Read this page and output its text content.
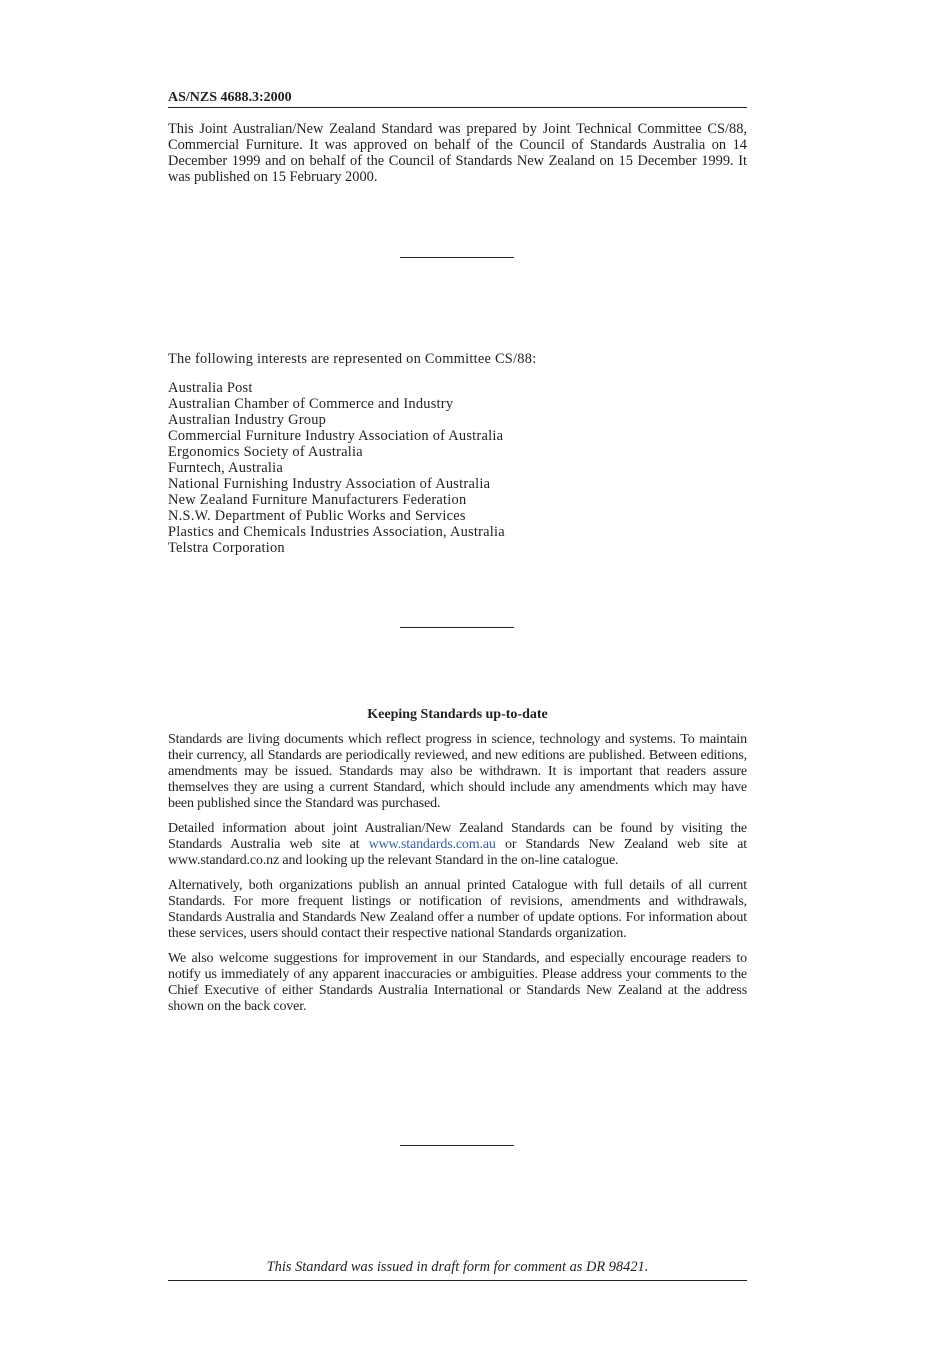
AS/NZS 4688.3:2000
This Joint Australian/New Zealand Standard was prepared by Joint Technical Committee CS/88, Commercial Furniture. It was approved on behalf of the Council of Standards Australia on 14 December 1999 and on behalf of the Council of Standards New Zealand on 15 December 1999. It was published on 15 February 2000.
The following interests are represented on Committee CS/88:
Australia Post
Australian Chamber of Commerce and Industry
Australian Industry Group
Commercial Furniture Industry Association of Australia
Ergonomics Society of Australia
Furntech, Australia
National Furnishing Industry Association of Australia
New Zealand Furniture Manufacturers Federation
N.S.W. Department of Public Works and Services
Plastics and Chemicals Industries Association, Australia
Telstra Corporation
Keeping Standards up-to-date

Standards are living documents which reflect progress in science, technology and systems. To maintain their currency, all Standards are periodically reviewed, and new editions are published. Between editions, amendments may be issued. Standards may also be withdrawn. It is important that readers assure themselves they are using a current Standard, which should include any amendments which may have been published since the Standard was purchased.

Detailed information about joint Australian/New Zealand Standards can be found by visiting the Standards Australia web site at www.standards.com.au or Standards New Zealand web site at www.standard.co.nz and looking up the relevant Standard in the on-line catalogue.

Alternatively, both organizations publish an annual printed Catalogue with full details of all current Standards. For more frequent listings or notification of revisions, amendments and withdrawals, Standards Australia and Standards New Zealand offer a number of update options. For information about these services, users should contact their respective national Standards organization.

We also welcome suggestions for improvement in our Standards, and especially encourage readers to notify us immediately of any apparent inaccuracies or ambiguities. Please address your comments to the Chief Executive of either Standards Australia International or Standards New Zealand at the address shown on the back cover.

This Standard was issued in draft form for comment as DR 98421.
